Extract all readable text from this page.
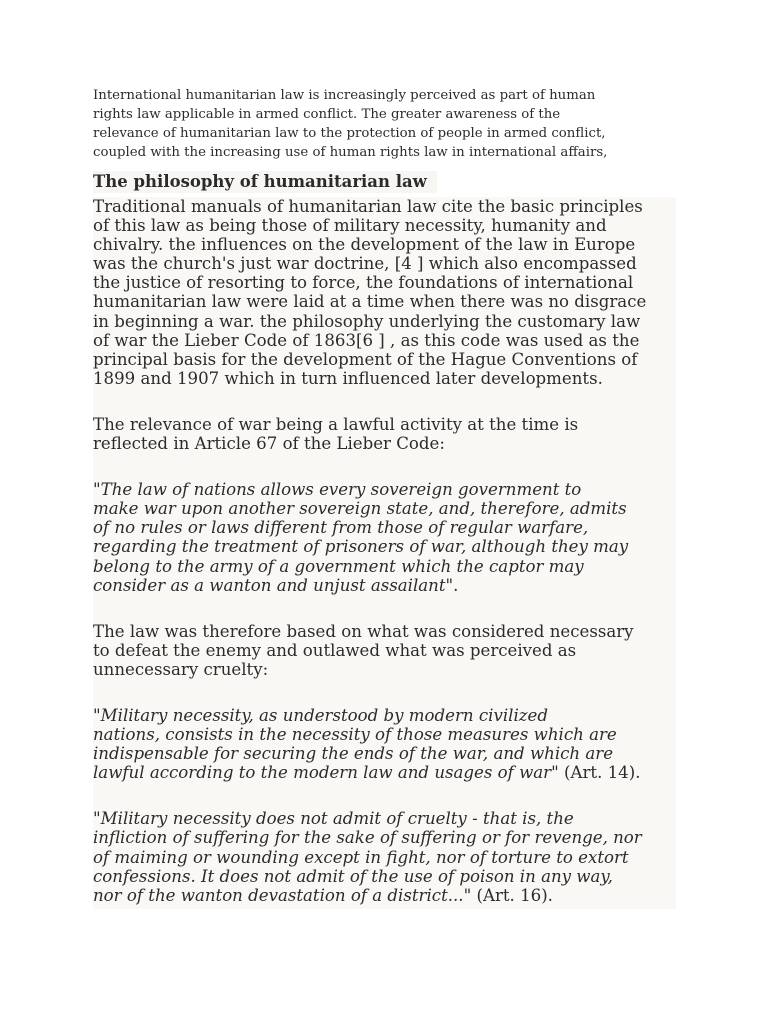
International humanitarian law is increasingly perceived as part of human
rights law applicable in armed conflict. The greater awareness of the
relevance of humanitarian law to the protection of people in armed conflict,
coupled with the increasing use of human rights law in international affairs,

The philosophy of humanitarian law

Traditional manuals of humanitarian law cite the basic principles
of this law as being those of military necessity, humanity and
chivalry. the influences on the development of the law in Europe
was the church's just war doctrine, [4 ] which also encompassed
the justice of resorting to force, the foundations of international
humanitarian law were laid at a time when there was no disgrace
in beginning a war. the philosophy underlying the customary law
of war the Lieber Code of 1863[6 ] , as this code was used as the
principal basis for the development of the Hague Conventions of
1899 and 1907 which in turn influenced later developments.

The relevance of war being a lawful activity at the time is
reflected in Article 67 of the Lieber Code:

"The law of nations allows every sovereign government to
make war upon another sovereign state, and, therefore, admits
of no rules or laws different from those of regular warfare,
regarding the treatment of prisoners of war, although they may
belong to the army of a government which the captor may
consider as a wanton and unjust assailant".

The law was therefore based on what was considered necessary
to defeat the enemy and outlawed what was perceived as
unnecessary cruelty:

"Military necessity, as understood by modern civilized
nations, consists in the necessity of those measures which are
indispensable for securing the ends of the war, and which are
lawful according to the modern law and usages of war" (Art. 14).

"Military necessity does not admit of cruelty - that is, the
infliction of suffering for the sake of suffering or for revenge, nor
of maiming or wounding except in fight, nor of torture to extort
confessions. It does not admit of the use of poison in any way,
nor of the wanton devastation of a district..." (Art. 16).
